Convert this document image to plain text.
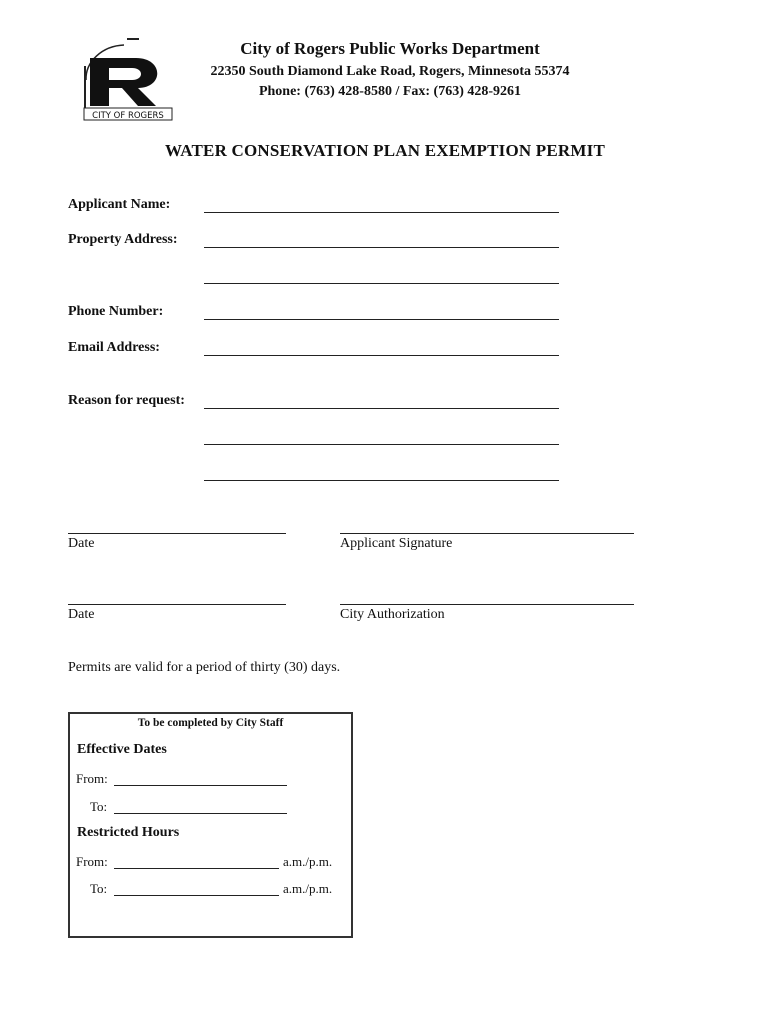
CITY OF ROGERS
City of Rogers Public Works Department
22350 South Diamond Lake Road, Rogers, Minnesota 55374
Phone: (763) 428-8580 / Fax: (763) 428-9261
WATER CONSERVATION PLAN EXEMPTION PERMIT
Applicant Name:
Property Address:
Phone Number:
Email Address:
Reason for request:
Date	Applicant Signature
Date	City Authorization
Permits are valid for a period of thirty (30) days.
To be completed by City Staff
Effective Dates
From:
To:
Restricted Hours
From:	a.m./p.m.
To:	a.m./p.m.
